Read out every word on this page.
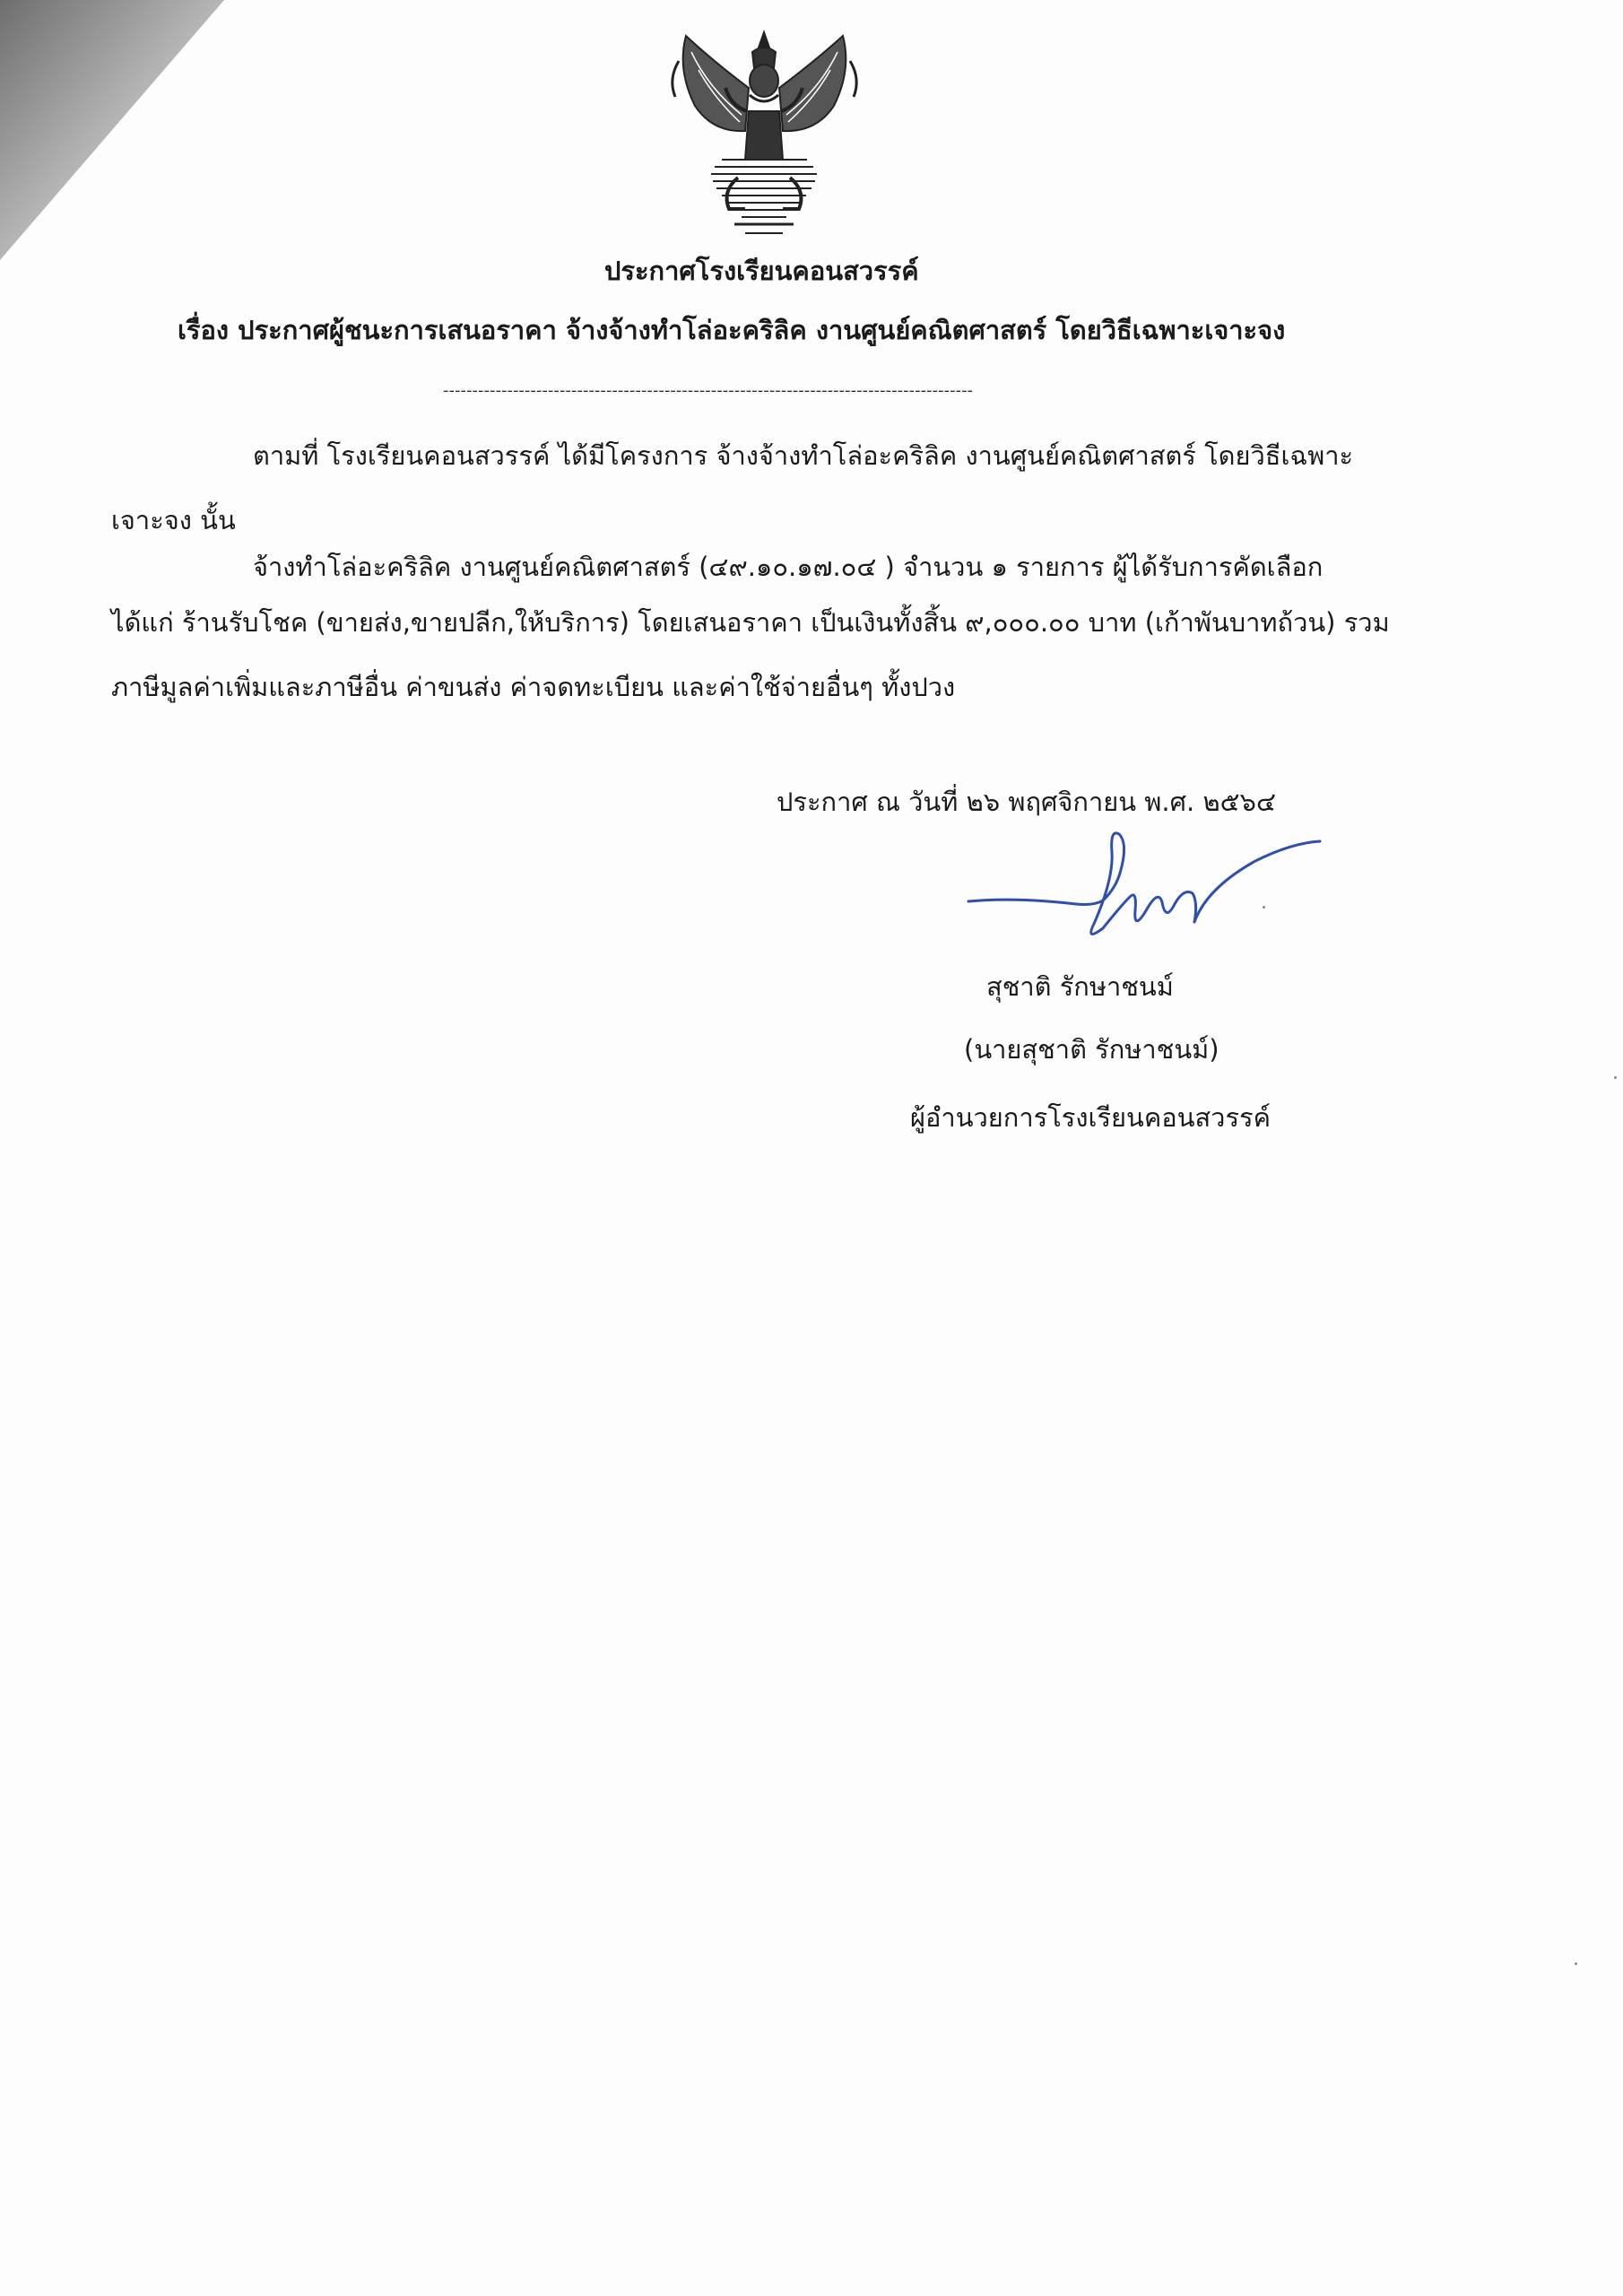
ประกาศโรงเรียนคอนสวรรค์
เรื่อง ประกาศผู้ชนะการเสนอราคา จ้างจ้างทำโล่อะคริลิค งานศูนย์คณิตศาสตร์ โดยวิธีเฉพาะเจาะจง
-------------------------------------------------------------------------------------------
ตามที่ โรงเรียนคอนสวรรค์ ได้มีโครงการ จ้างจ้างทำโล่อะคริลิค งานศูนย์คณิตศาสตร์ โดยวิธีเฉพาะ
เจาะจง นั้น
จ้างทำโล่อะคริลิค งานศูนย์คณิตศาสตร์ (๔๙.๑๐.๑๗.๐๔ ) จำนวน ๑ รายการ ผู้ได้รับการคัดเลือก
ได้แก่ ร้านรับโชค (ขายส่ง,ขายปลีก,ให้บริการ) โดยเสนอราคา เป็นเงินทั้งสิ้น ๙,๐๐๐.๐๐ บาท (เก้าพันบาทถ้วน) รวม
ภาษีมูลค่าเพิ่มและภาษีอื่น ค่าขนส่ง ค่าจดทะเบียน และค่าใช้จ่ายอื่นๆ ทั้งปวง
ประกาศ ณ วันที่ ๒๖ พฤศจิกายน พ.ศ. ๒๕๖๔
สุชาติ รักษาชนม์
(นายสุชาติ รักษาชนม์)
ผู้อำนวยการโรงเรียนคอนสวรรค์
